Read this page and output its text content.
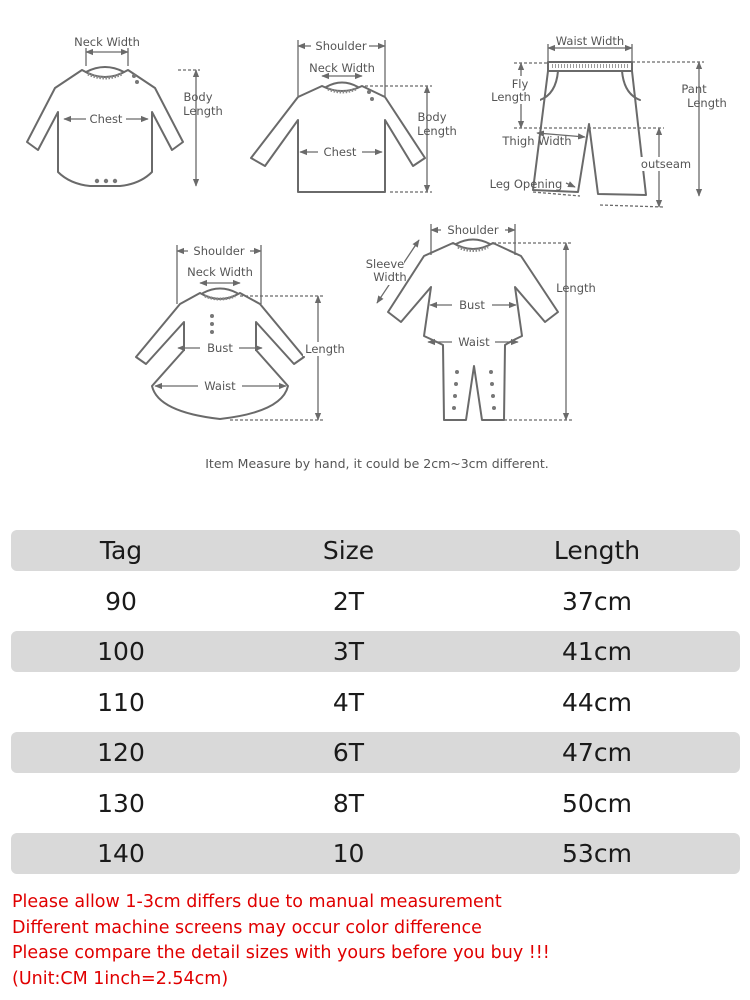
Neck Width
Chest
Body
Length
Shoulder
Neck Width
Chest
Body
Length
Waist Width
Fly
Length
Pant
Length
Thigh Width
outseam
Leg Opening
Shoulder
Neck Width
Bust
Waist
Length
Shoulder
Sleeve
Width
Bust
Waist
Length
Item Measure by hand, it could be 2cm~3cm different.
Tag	Size	Length
90	2T	37cm
100	3T	41cm
110	4T	44cm
120	6T	47cm
130	8T	50cm
140	10	53cm
Please allow 1-3cm differs due to manual measurement
Different machine screens may occur color difference
Please compare the detail sizes with yours before you buy !!!
(Unit:CM 1inch=2.54cm)
